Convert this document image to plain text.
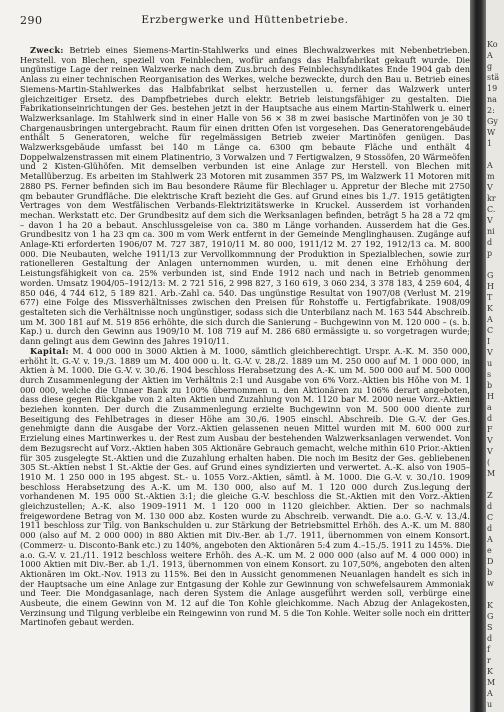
290	Erzbergwerke und Hüttenbetriebe.

Zweck: Betrieb eines Siemens-Martin-Stahlwerks und eines Blechwalzwerkes mit Nebenbetrieben. Herstell. von Blechen, speziell von Feinblechen, wofür anfangs das Halbfabrikat gekauft wurde. Die ungünstige Lage der reinen Walzwerke nach dem Zus.bruch des Feinblechsyndikates Ende 1904 gab den Anlass zu einer technischen Reorganisation des Werkes, welche bezweckte, durch den Bau u. Betrieb eines Siemens-Martin-Stahlwerkes das Halbfabrikat selbst herzustellen u. ferner das Walzwerk unter gleichzeitiger Ersetz. des Dampfbetriebes durch elektr. Betrieb leistungsfähiger zu gestalten. Die Fabrikationseinrichtungen der Ges. bestehen jetzt in der Hauptsache aus einem Martin-Stahlwerk u. einer Walzwerksanlage. Im Stahlwerk sind in einer Halle von 56 × 38 m zwei basische Martinöfen von je 30 t Chargenausbringen untergebracht. Raum für einen dritten Ofen ist vorgesehen. Das Generatorengebäude enthält 5 Generatoren, welche für regelmässigen Betrieb zweier Martinöfen genügen. Das Walzwerksgebäude umfasst bei 140 m Länge ca. 6300 qm bebaute Fläche und enthält 4 Doppelwalzenstrassen mit einem Platinentrio, 3 Vorwalzen und 7 Fertigwalzen, 9 Stossöfen, 20 Wärmeöfen und 2 Kisten-Glühöfen. Mit demselben verbunden ist eine Anlage zur Herstell. von Blechen mit Metallüberzug. Es arbeiten im Stahlwerk 23 Motoren mit zusammen 357 PS, im Walzwerk 11 Motoren mit 2880 PS. Ferner befinden sich im Bau besondere Räume für Blechlager u. Appretur der Bleche mit 2750 qm bebauter Grundfläche. Die elektrische Kraft bezieht die Ges. auf Grund eines bis 1./7. 1915 getätigten Vertrages von dem Westfälischen Verbands-Elektrizitätswerke in Kruckel. Ausserdem ist vorhanden mechan. Werkstatt etc. Der Grundbesitz auf dem sich die Werksanlagen befinden, beträgt 5 ha 28 a 72 qm – davon 1 ha 20 a bebaut. Anschlussgeleise von ca. 380 m Länge vorhanden. Ausserdem hat die Ges. Grundbesitz von 1 ha 23 qm ca. 300 m vom Werk entfernt in der Gemeinde Menglinghausen. Zugänge auf Anlage-Kti erforderten 1906/07 M. 727 387, 1910/11 M. 80 000, 1911/12 M. 27 192, 1912/13 ca. M. 800 000. Die Neubauten, welche 1911/13 zur Vervollkommnung der Produktion in Spezialblechen, sowie zur rationelleren Gestaltung der Anlagen unternommen wurden, u. mit denen eine Erhöhung der Leistungsfähigkeit von ca. 25% verbunden ist, sind Ende 1912 nach und nach in Betrieb genommen worden. Umsatz 1904/05–1912/13: M. 2 721 516, 2 998 827, 3 160 619, 3 060 234, 3 378 183, 4 259 604, 4 850 046, 4 744 612, 5 189 821. Arb.-Zahl ca. 540. Das ungünstige Resultat von 1907/08 (Verlust M. 219 677) eine Folge des Missverhältnisses zwischen den Preisen für Rohstoffe u. Fertigfabrikate. 1908/09 gestalteten sich die Verhältnisse noch ungünstiger, sodass sich die Unterbilanz nach M. 163 544 Abschreib. um M. 300 181 auf M. 519 856 erhöhte, die sich durch die Sanierung – Buchgewinn von M. 120 000 – (s. b. Kap.) u. durch den Gewinn aus 1909/10 M. 108 719 auf M. 286 680 ermässigte u. so vorgetragen wurde; dann gelingt aus dem Gewinn des Jahres 1910/11.

Kapital: M. 4 000 000 in 3000 Aktien à M. 1000, sämtlich gleichberechtigt. Urspr. A.-K. M. 350 000, erhöht lt. G.-V. v. 19./3. 1889 um M. 400 000 u. lt. G.-V. v. 28./2. 1889 um M. 250 000 auf M. 1 000 000, in Aktien à M. 1000. Die G.-V. v. 30./6. 1904 beschloss Herabsetzung des A.-K. um M. 500 000 auf M. 500 000 durch Zusammenlegung der Aktien im Verhältnis 2:1 und Ausgabe von 6% Vorz.-Aktien bis Höhe von M. 1 000 000, welche die Unnaer Bank zu 100% übernommen u. den Aktionären zu 106% derart angeboten, dass diese gegen Rückgabe von 2 alten Aktien und Zuzahlung von M. 1120 bar M. 2000 neue Vorz.-Aktien beziehen konnten. Der durch die Zusammenlegung erzielte Buchgewinn von M. 500 000 diente zur Beseitigung des Fehlbetrages in dieser Höhe am 30./6. 1905 einschl. Abschreib. Die G.-V. der Ges. genehmigte dann die Ausgabe der Vorz.-Aktien gelassenen neuen Mittel wurden mit M. 600 000 zur Erzielung eines Martinwerkes u. der Rest zum Ausbau der bestehenden Walzwerksanlagen verwendet. Von dem Bezugsrecht auf Vorz.-Aktien haben 305 Aktionäre Gebrauch gemacht, welche mithin 610 Prior.-Aktien für 305 zusgelegte St.-Aktien und die Zuzahlung erhalten haben. Die noch im Besitz der Ges. gebliebenen 305 St.-Aktien nebst 1 St.-Aktie der Ges. auf Grund eines syndizierten und verwertet. A.-K. also von 1905–1910 M. 1 250 000 in 195 abgest. St.- u. 1055 Vorz.-Aktien, sämtl. à M. 1000. Die G.-V. v. 30./10. 1909 beschloss Herabsetzung des A.-K. um M. 130 000, also auf M. 1 120 000 durch Zus.legung der vorhandenen M. 195 000 St.-Aktien 3:1; die gleiche G.-V. beschloss die St.-Aktien mit den Vorz.-Aktien gleichzustellen; A.-K. also 1909–1911 M. 1 120 000 in 1120 gleichber. Aktien. Der so nachmals freigewordene Betrag von M. 130 000 abz. Kosten wurde zu Abschreib. verwandt. Die a.o. G.-V. v. 13./4. 1911 beschloss zur Tilg. von Bankschulden u. zur Stärkung der Betriebsmittel Erhöh. des A.-K. um M. 880 000 (also auf M. 2 000 000) in 880 Aktien mit Div.-Ber. ab 1./7. 1911, übernommen von einem Konsort. (Commerz- u. Disconto-Bank etc.) zu 140%, angeboten den Aktionären 5:4 zum 4.–15./5. 1911 zu 145%. Die a.o. G.-V. v. 21./11. 1912 beschloss weitere Erhöh. des A.-K. um M. 2 000 000 (also auf M. 4 000 000) in 1000 Aktien mit Div.-Ber. ab 1./1. 1913, übernommen von einem Konsort. zu 107,50%, angeboten den alten Aktionären im Okt.-Nov. 1913 zu 115%. Bei den in Aussicht genommenen Neuanlagen handelt es sich in der Hauptsache um eine Anlage zur Entgasung der Kohle zur Gewinnung von schwefelsaurem Ammoniak und Teer. Die Mondgasanlage, nach deren System die Anlage ausgeführt werden soll, verbürge eine Ausbeute, die einem Gewinn von M. 12 auf die Ton Kohle gleichkomme. Nach Abzug der Anlagekosten, Verzinsung und Tilgung verbleibe ein Reingewinn von rund M. 5 die Ton Kohle. Weiter solle noch ein dritter Martinofen gebaut werden.

Ko
A
g
stä
19
na
2:
Gy
W
1
A
m
V
kr
C.
V
ni
d
p
G
H
T
K
A
C
I
V
u
s
b
H
a
d
F
V
V
(
M
Z
d
C
d
A
e
D
b
w
K
G
S
d
f
r
K
M
A
u
